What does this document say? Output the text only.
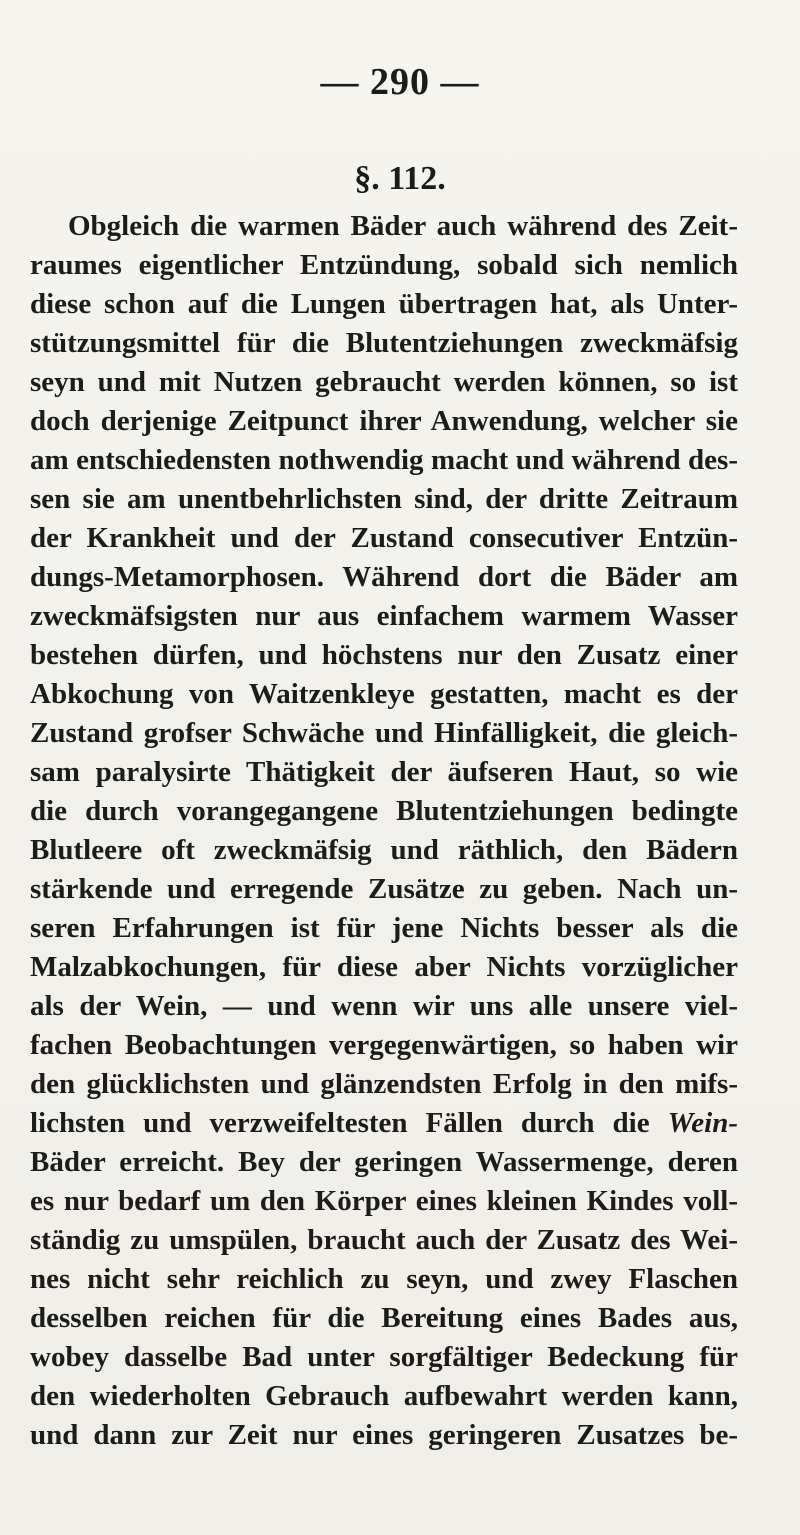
— 290 —
§. 112.
Obgleich die warmen Bäder auch während des Zeit-
raumes eigentlicher Entzündung, sobald sich nemlich
diese schon auf die Lungen übertragen hat, als Unter-
stützungsmittel für die Blutentziehungen zweckmäfsig
seyn und mit Nutzen gebraucht werden können, so ist
doch derjenige Zeitpunct ihrer Anwendung, welcher sie
am entschiedensten nothwendig macht und während des-
sen sie am unentbehrlichsten sind, der dritte Zeitraum
der Krankheit und der Zustand consecutiver Entzün-
dungs-Metamorphosen. Während dort die Bäder am
zweckmäfsigsten nur aus einfachem warmem Wasser
bestehen dürfen, und höchstens nur den Zusatz einer
Abkochung von Waitzenkleye gestatten, macht es der
Zustand grofser Schwäche und Hinfälligkeit, die gleich-
sam paralysirte Thätigkeit der äufseren Haut, so wie
die durch vorangegangene Blutentziehungen bedingte
Blutleere oft zweckmäfsig und räthlich, den Bädern
stärkende und erregende Zusätze zu geben. Nach un-
seren Erfahrungen ist für jene Nichts besser als die
Malzabkochungen, für diese aber Nichts vorzüglicher
als der Wein, — und wenn wir uns alle unsere viel-
fachen Beobachtungen vergegenwärtigen, so haben wir
den glücklichsten und glänzendsten Erfolg in den mifs-
lichsten und verzweifeltesten Fällen durch die Wein-
Bäder erreicht. Bey der geringen Wassermenge, deren
es nur bedarf um den Körper eines kleinen Kindes voll-
ständig zu umspülen, braucht auch der Zusatz des Wei-
nes nicht sehr reichlich zu seyn, und zwey Flaschen
desselben reichen für die Bereitung eines Bades aus,
wobey dasselbe Bad unter sorgfältiger Bedeckung für
den wiederholten Gebrauch aufbewahrt werden kann,
und dann zur Zeit nur eines geringeren Zusatzes be-
